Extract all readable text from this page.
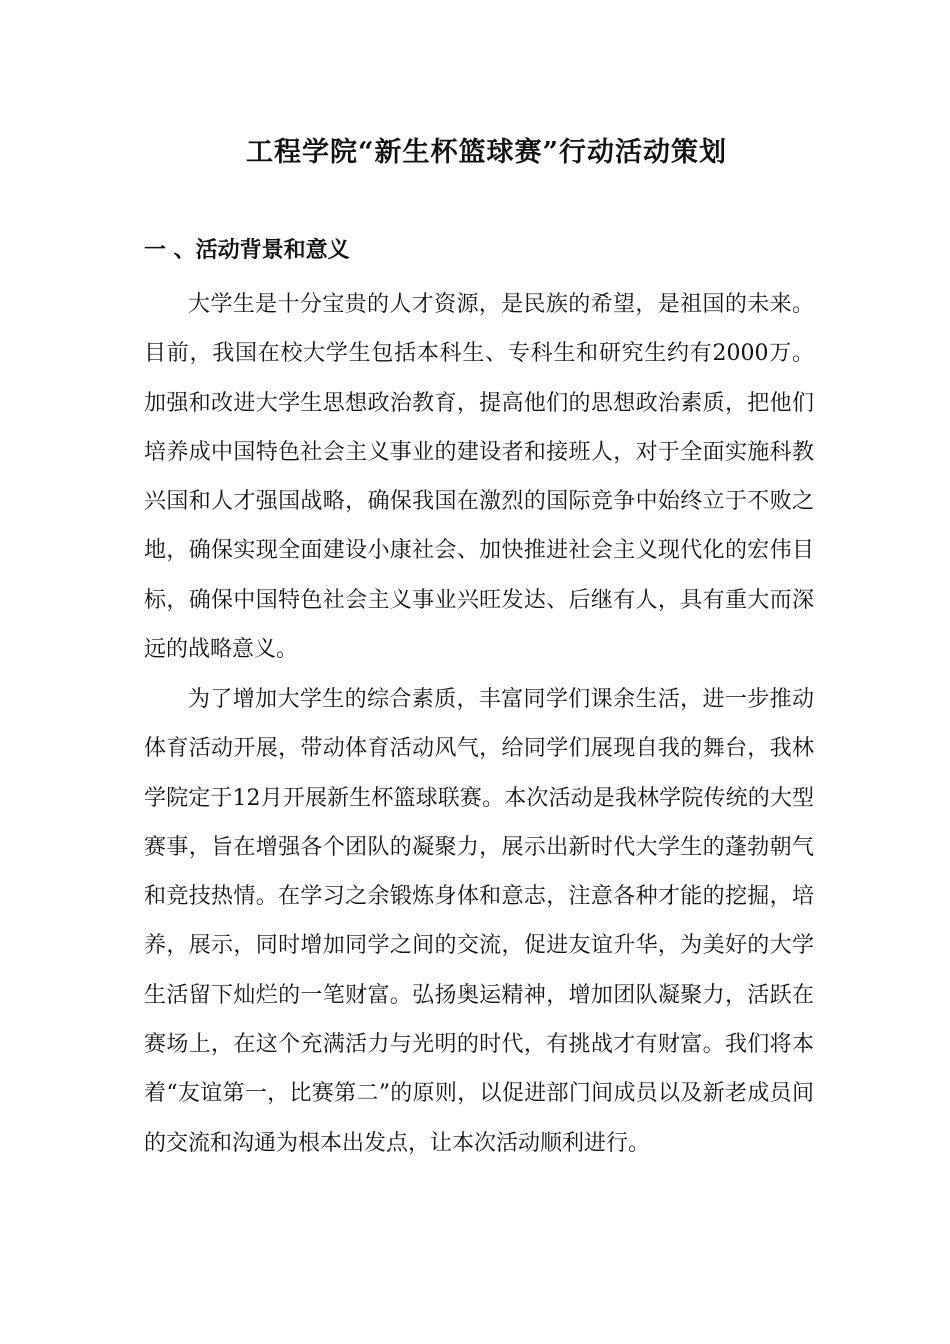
工程学院“新生杯篮球赛”行动活动策划
一 、活动背景和意义

大学生是十分宝贵的人才资源，是民族的希望，是祖国的未来。目前，我国在校大学生包括本科生、专科生和研究生约有2000万。加强和改进大学生思想政治教育，提高他们的思想政治素质，把他们培养成中国特色社会主义事业的建设者和接班人，对于全面实施科教兴国和人才强国战略，确保我国在激烈的国际竞争中始终立于不败之地，确保实现全面建设小康社会、加快推进社会主义现代化的宏伟目标，确保中国特色社会主义事业兴旺发达、后继有人，具有重大而深远的战略意义。

为了增加大学生的综合素质，丰富同学们课余生活，进一步推动体育活动开展，带动体育活动风气，给同学们展现自我的舞台，我林学院定于12月开展新生杯篮球联赛。本次活动是我林学院传统的大型赛事，旨在增强各个团队的凝聚力，展示出新时代大学生的蓬勃朝气和竞技热情。在学习之余锻炼身体和意志，注意各种才能的挖掘，培养，展示，同时增加同学之间的交流，促进友谊升华，为美好的大学生活留下灿烂的一笔财富。弘扬奥运精神，增加团队凝聚力，活跃在赛场上，在这个充满活力与光明的时代，有挑战才有财富。我们将本着“友谊第一，比赛第二”的原则，以促进部门间成员以及新老成员间的交流和沟通为根本出发点，让本次活动顺利进行。
